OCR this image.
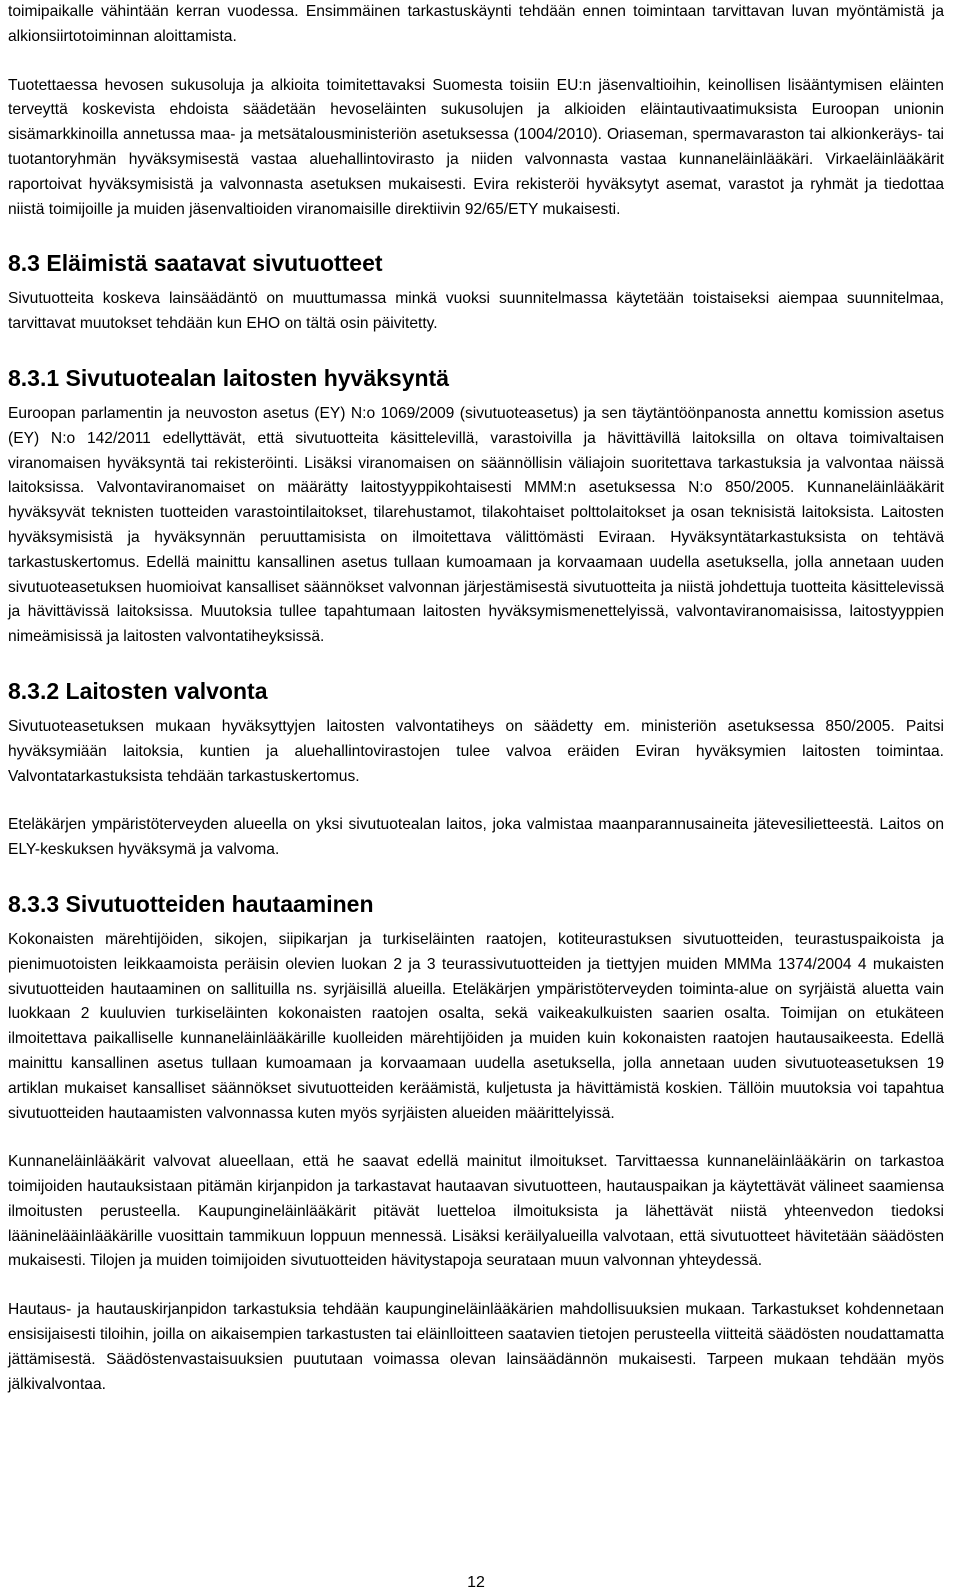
toimipaikalle vähintään kerran vuodessa. Ensimmäinen tarkastuskäynti tehdään ennen toimintaan tarvittavan luvan myöntämistä ja alkionsiirtotoiminnan aloittamista.

Tuotettaessa hevosen sukusoluja ja alkioita toimitettavaksi Suomesta toisiin EU:n jäsenvaltioihin, keinollisen lisääntymisen eläinten terveyttä koskevista ehdoista säädetään hevoseläinten sukusolujen ja alkioiden eläintautivaatimuksista Euroopan unionin sisämarkkinoilla annetussa maa- ja metsätalousministeriön asetuksessa (1004/2010). Oriaseman, spermavaraston tai alkionkeräys- tai tuotantoryhmän hyväksymisestä vastaa aluehallintovirasto ja niiden valvonnasta vastaa kunnaneläinlääkäri. Virkaeläinlääkärit raportoivat hyväksymisistä ja valvonnasta asetuksen mukaisesti. Evira rekisteröi hyväksytyt asemat, varastot ja ryhmät ja tiedottaa niistä toimijoille ja muiden jäsenvaltioiden viranomaisille direktiivin 92/65/ETY mukaisesti.

8.3 Eläimistä saatavat sivutuotteet

Sivutuotteita koskeva lainsäädäntö on muuttumassa minkä vuoksi suunnitelmassa käytetään toistaiseksi aiempaa suunnitelmaa, tarvittavat muutokset tehdään kun EHO on tältä osin päivitetty.

8.3.1 Sivutuotealan laitosten hyväksyntä

Euroopan parlamentin ja neuvoston asetus (EY) N:o 1069/2009 (sivutuoteasetus) ja sen täytäntöönpanosta annettu komission asetus (EY) N:o 142/2011 edellyttävät, että sivutuotteita käsittelevillä, varastoivilla ja hävittävillä laitoksilla on oltava toimivaltaisen viranomaisen hyväksyntä tai rekisteröinti. Lisäksi viranomaisen on säännöllisin väliajoin suoritettava tarkastuksia ja valvontaa näissä laitoksissa. Valvontaviranomaiset on määrätty laitostyyppikohtaisesti MMM:n asetuksessa N:o 850/2005. Kunnaneläinlääkärit hyväksyvät teknisten tuotteiden varastointilaitokset, tilarehustamot, tilakohtaiset polttolaitokset ja osan teknisistä laitoksista. Laitosten hyväksymisistä ja hyväksynnän peruuttamisista on ilmoitettava välittömästi Eviraan. Hyväksyntätarkastuksista on tehtävä tarkastuskertomus. Edellä mainittu kansallinen asetus tullaan kumoamaan ja korvaamaan uudella asetuksella, jolla annetaan uuden sivutuoteasetuksen huomioivat kansalliset säännökset valvonnan järjestämisestä sivutuotteita ja niistä johdettuja tuotteita käsittelevissä ja hävittävissä laitoksissa. Muutoksia tullee tapahtumaan laitosten hyväksymismenettelyissä, valvontaviranomaisissa, laitostyyppien nimeämisissä ja laitosten valvontatiheyksissä.

8.3.2 Laitosten valvonta

Sivutuoteasetuksen mukaan hyväksyttyjen laitosten valvontatiheys on säädetty em. ministeriön asetuksessa 850/2005. Paitsi hyväksymiään laitoksia, kuntien ja aluehallintovirastojen tulee valvoa eräiden Eviran hyväksymien laitosten toimintaa. Valvontatarkastuksista tehdään tarkastuskertomus.

Eteläkärjen ympäristöterveyden alueella on yksi sivutuotealan laitos, joka valmistaa maanparannusaineita jätevesilietteestä. Laitos on ELY-keskuksen hyväksymä ja valvoma.

8.3.3 Sivutuotteiden hautaaminen

Kokonaisten märehtijöiden, sikojen, siipikarjan ja turkiseläinten raatojen, kotiteurastuksen sivutuotteiden, teurastuspaikoista ja pienimuotoisten leikkaamoista peräisin olevien luokan 2 ja 3 teurassivutuotteiden ja tiettyjen muiden MMMa 1374/2004 4 mukaisten sivutuotteiden hautaaminen on sallituilla ns. syrjäisillä alueilla. Eteläkärjen ympäristöterveyden toiminta-alue on syrjäistä aluetta vain luokkaan 2 kuuluvien turkiseläinten kokonaisten raatojen osalta, sekä vaikeakulkuisten saarien osalta. Toimijan on etukäteen ilmoitettava paikalliselle kunnaneläinlääkärille kuolleiden märehtijöiden ja muiden kuin kokonaisten raatojen hautausaikeesta. Edellä mainittu kansallinen asetus tullaan kumoamaan ja korvaamaan uudella asetuksella, jolla annetaan uuden sivutuoteasetuksen 19 artiklan mukaiset kansalliset säännökset sivutuotteiden keräämistä, kuljetusta ja hävittämistä koskien. Tällöin muutoksia voi tapahtua sivutuotteiden hautaamisten valvonnassa kuten myös syrjäisten alueiden määrittelyissä.

Kunnaneläinlääkärit valvovat alueellaan, että he saavat edellä mainitut ilmoitukset. Tarvittaessa kunnaneläinlääkärin on tarkastoa toimijoiden hautauksistaan pitämän kirjanpidon ja tarkastavat hautaavan sivutuotteen, hautauspaikan ja käytettävät välineet saamiensa ilmoitusten perusteella. Kaupungineläinlääkärit pitävät luetteloa ilmoituksista ja lähettävät niistä yhteenvedon tiedoksi lääninelääinlääkärille vuosittain tammikuun loppuun mennessä. Lisäksi keräilyalueilla valvotaan, että sivutuotteet hävitetään säädösten mukaisesti. Tilojen ja muiden toimijoiden sivutuotteiden hävitystapoja seurataan muun valvonnan yhteydessä.

Hautaus- ja hautauskirjanpidon tarkastuksia tehdään kaupungineläinlääkärien mahdollisuuksien mukaan. Tarkastukset kohdennetaan ensisijaisesti tiloihin, joilla on aikaisempien tarkastusten tai eläinlloitteen saatavien tietojen perusteella viitteitä säädösten noudattamatta jättämisestä. Säädöstenvastaisuuksien puututaan voimassa olevan lainsäädännön mukaisesti. Tarpeen mukaan tehdään myös jälkivalvontaa.

12
